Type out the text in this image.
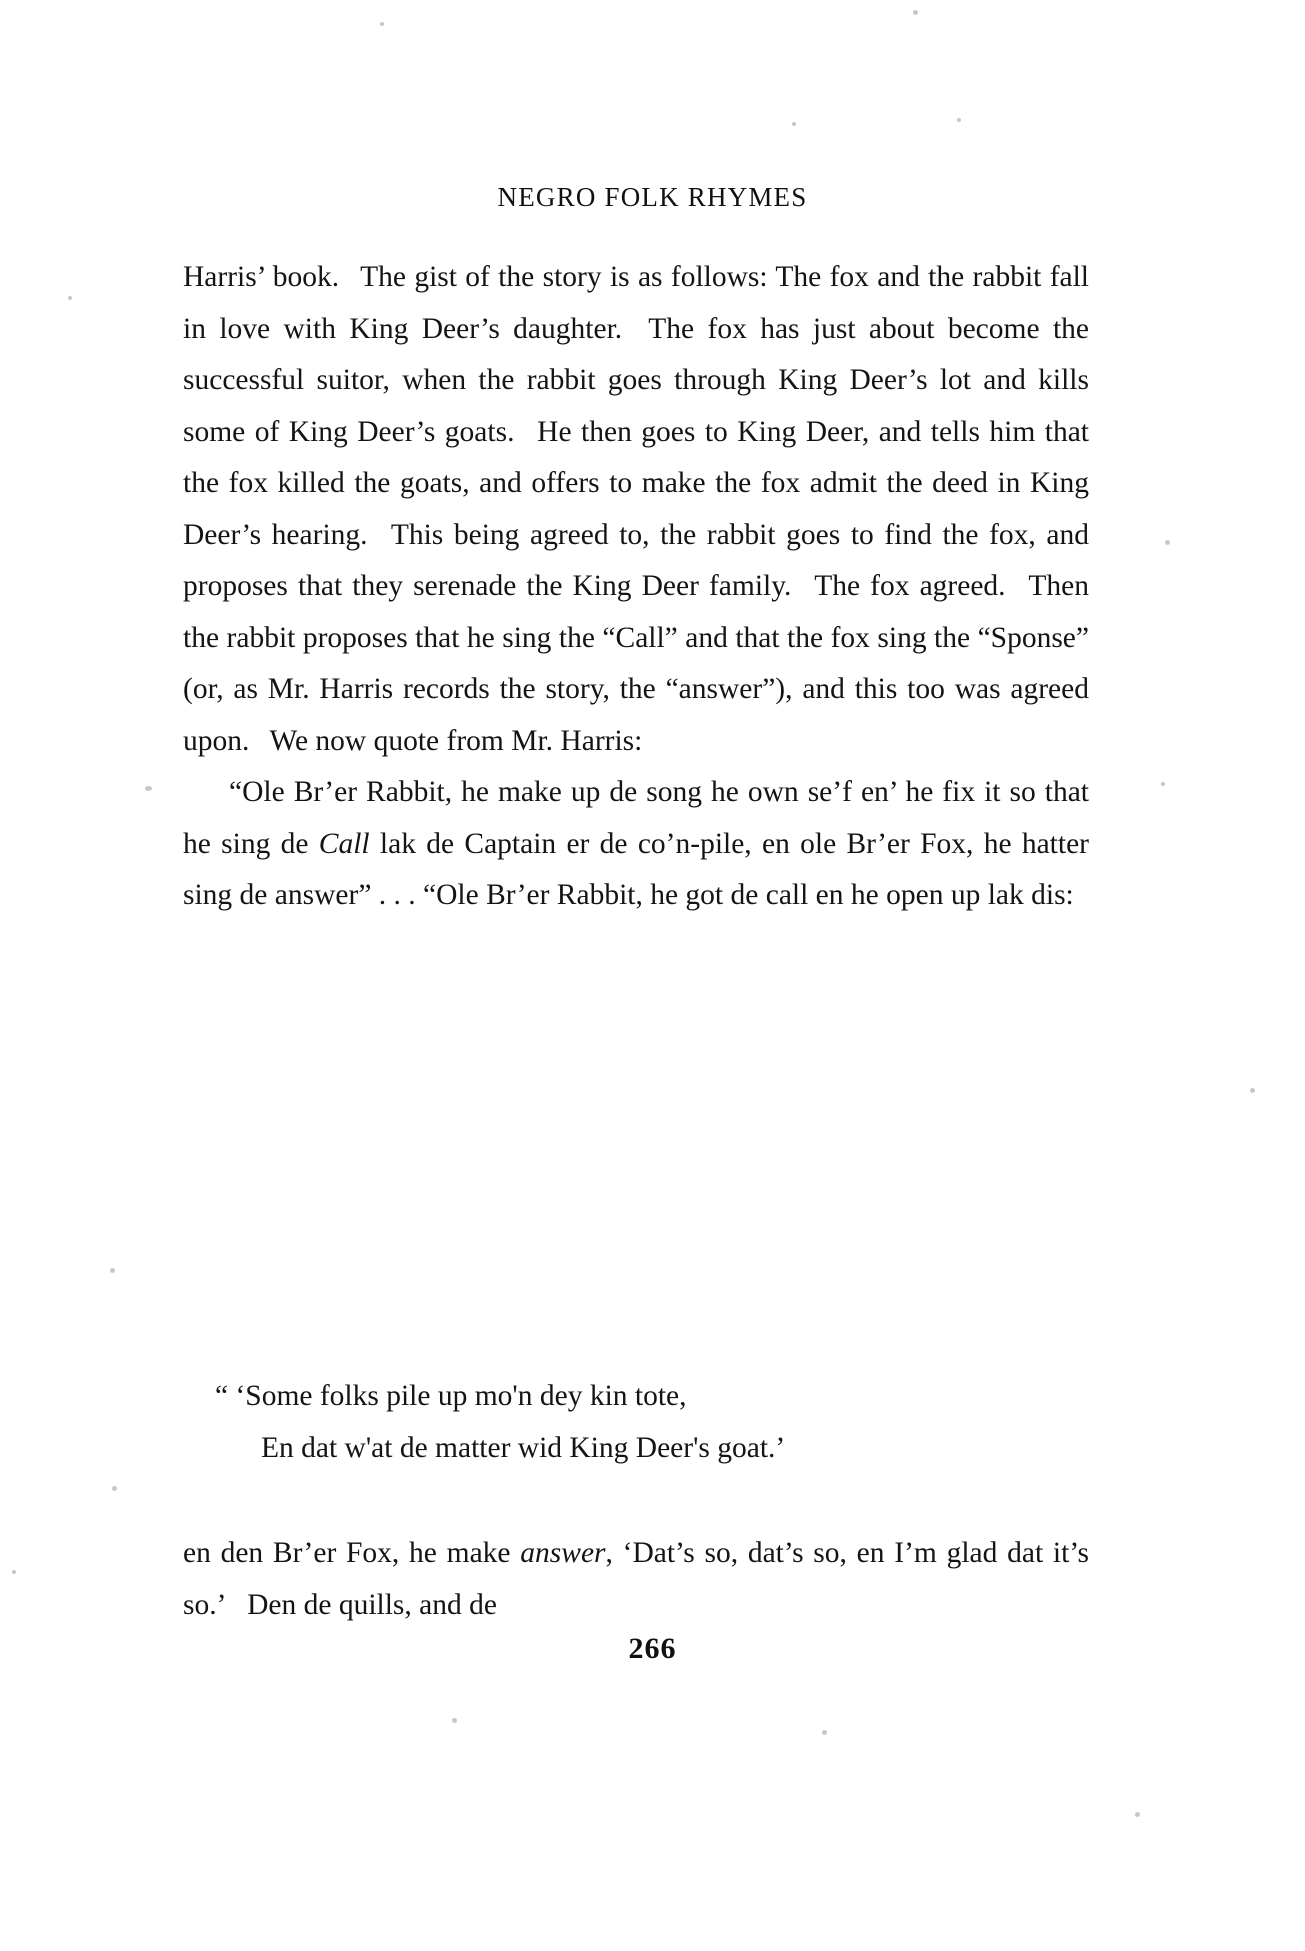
NEGRO FOLK RHYMES

Harris’ book. The gist of the story is as follows: The fox and the rabbit fall in love with King Deer’s daughter. The fox has just about become the successful suitor, when the rabbit goes through King Deer’s lot and kills some of King Deer’s goats. He then goes to King Deer, and tells him that the fox killed the goats, and offers to make the fox admit the deed in King Deer’s hearing. This being agreed to, the rabbit goes to find the fox, and proposes that they serenade the King Deer family. The fox agreed. Then the rabbit proposes that he sing the “Call” and that the fox sing the “Sponse” (or, as Mr. Harris records the story, the “answer”), and this too was agreed upon. We now quote from Mr. Harris:

“Ole Br’er Rabbit, he make up de song he own se’f en’ he fix it so that he sing de Call lak de Captain er de co’n-pile, en ole Br’er Fox, he hatter sing de answer” . . . “Ole Br’er Rabbit, he got de call en he open up lak dis:

“ ‘Some folks pile up mo'n dey kin tote,
En dat w'at de matter wid King Deer's goat.’
en den Br’er Fox, he make answer, ‘Dat’s so, dat’s so, en I’m glad dat it’s so.’ Den de quills, and de
266
